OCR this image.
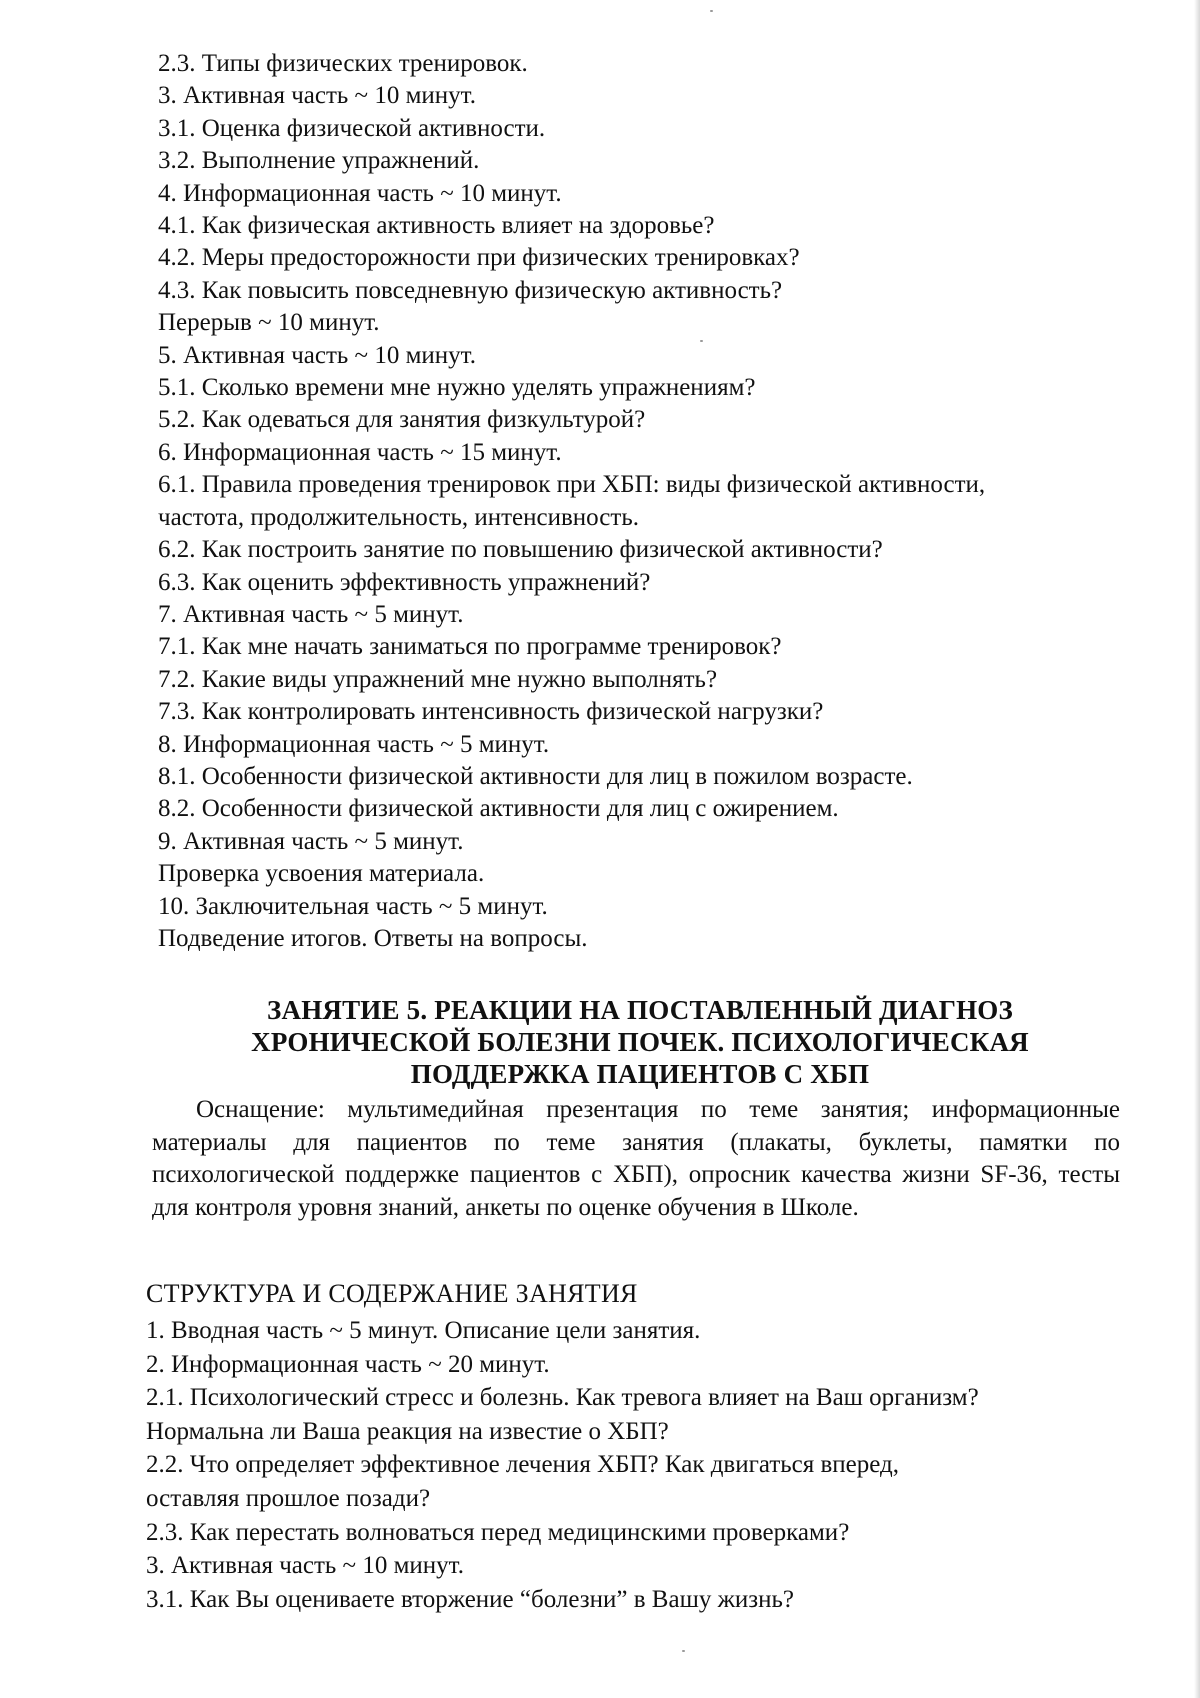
2.3. Типы физических тренировок.
3. Активная часть ~ 10 минут.
3.1. Оценка физической активности.
3.2. Выполнение упражнений.
4. Информационная часть ~ 10 минут.
4.1. Как физическая активность влияет на здоровье?
4.2. Меры предосторожности при физических тренировках?
4.3. Как повысить повседневную физическую активность?
Перерыв ~ 10 минут.
5. Активная часть ~ 10 минут.
5.1. Сколько времени мне нужно уделять упражнениям?
5.2. Как одеваться для занятия физкультурой?
6. Информационная часть ~ 15 минут.
6.1. Правила проведения тренировок при ХБП: виды физической активности,
частота, продолжительность, интенсивность.
6.2. Как построить занятие по повышению физической активности?
6.3. Как оценить эффективность упражнений?
7. Активная часть ~ 5 минут.
7.1. Как мне начать заниматься по программе тренировок?
7.2. Какие виды упражнений мне нужно выполнять?
7.3. Как контролировать интенсивность физической нагрузки?
8. Информационная часть ~ 5 минут.
8.1. Особенности физической активности для лиц в пожилом возрасте.
8.2. Особенности физической активности для лиц с ожирением.
9. Активная часть ~ 5 минут.
Проверка усвоения материала.
10. Заключительная часть ~ 5 минут.
Подведение итогов. Ответы на вопросы.
ЗАНЯТИЕ 5. РЕАКЦИИ НА ПОСТАВЛЕННЫЙ ДИАГНОЗ
ХРОНИЧЕСКОЙ БОЛЕЗНИ ПОЧЕК. ПСИХОЛОГИЧЕСКАЯ
ПОДДЕРЖКА ПАЦИЕНТОВ С ХБП
Оснащение: мультимедийная презентация по теме занятия; информационные материалы для пациентов по теме занятия (плакаты, буклеты, памятки по психологической поддержке пациентов с ХБП), опросник качества жизни SF-36, тесты для контроля уровня знаний, анкеты по оценке обучения в Школе.
СТРУКТУРА И СОДЕРЖАНИЕ ЗАНЯТИЯ
1. Вводная часть ~ 5 минут. Описание цели занятия.
2. Информационная часть ~ 20 минут.
2.1. Психологический стресс и болезнь. Как тревога влияет на Ваш организм?
Нормальна ли Ваша реакция на известие о ХБП?
2.2. Что определяет эффективное лечения ХБП? Как двигаться вперед,
оставляя прошлое позади?
2.3. Как перестать волноваться перед медицинскими проверками?
3. Активная часть ~ 10 минут.
3.1. Как Вы оцениваете вторжение “болезни” в Вашу жизнь?
